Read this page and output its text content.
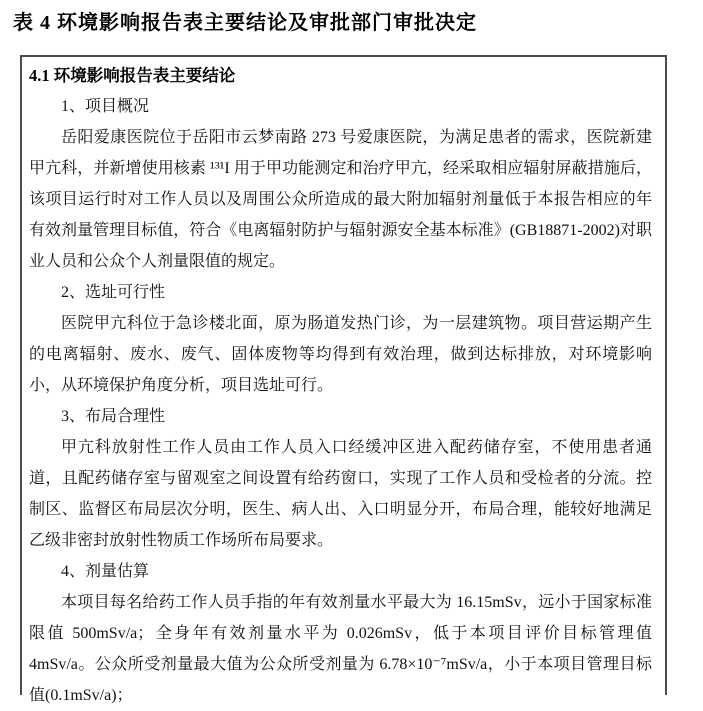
表 4 环境影响报告表主要结论及审批部门审批决定
4.1 环境影响报告表主要结论
1、项目概况

岳阳爱康医院位于岳阳市云梦南路 273 号爱康医院，为满足患者的需求，医院新建甲亢科，并新增使用核素 ¹³¹I 用于甲功能测定和治疗甲亢，经采取相应辐射屏蔽措施后，该项目运行时对工作人员以及周围公众所造成的最大附加辐射剂量低于本报告相应的年有效剂量管理目标值，符合《电离辐射防护与辐射源安全基本标准》(GB18871-2002)对职业人员和公众个人剂量限值的规定。

2、选址可行性

医院甲亢科位于急诊楼北面，原为肠道发热门诊，为一层建筑物。项目营运期产生的电离辐射、废水、废气、固体废物等均得到有效治理，做到达标排放，对环境影响小，从环境保护角度分析，项目选址可行。

3、布局合理性

甲亢科放射性工作人员由工作人员入口经缓冲区进入配药储存室，不使用患者通道，且配药储存室与留观室之间设置有给药窗口，实现了工作人员和受检者的分流。控制区、监督区布局层次分明，医生、病人出、入口明显分开，布局合理，能较好地满足乙级非密封放射性物质工作场所布局要求。

4、剂量估算

本项目每名给药工作人员手指的年有效剂量水平最大为 16.15mSv，远小于国家标准限值 500mSv/a；全身年有效剂量水平为 0.026mSv，低于本项目评价目标管理值 4mSv/a。公众所受剂量最大值为公众所受剂量为 6.78×10⁻⁷mSv/a，小于本项目管理目标值(0.1mSv/a)；
